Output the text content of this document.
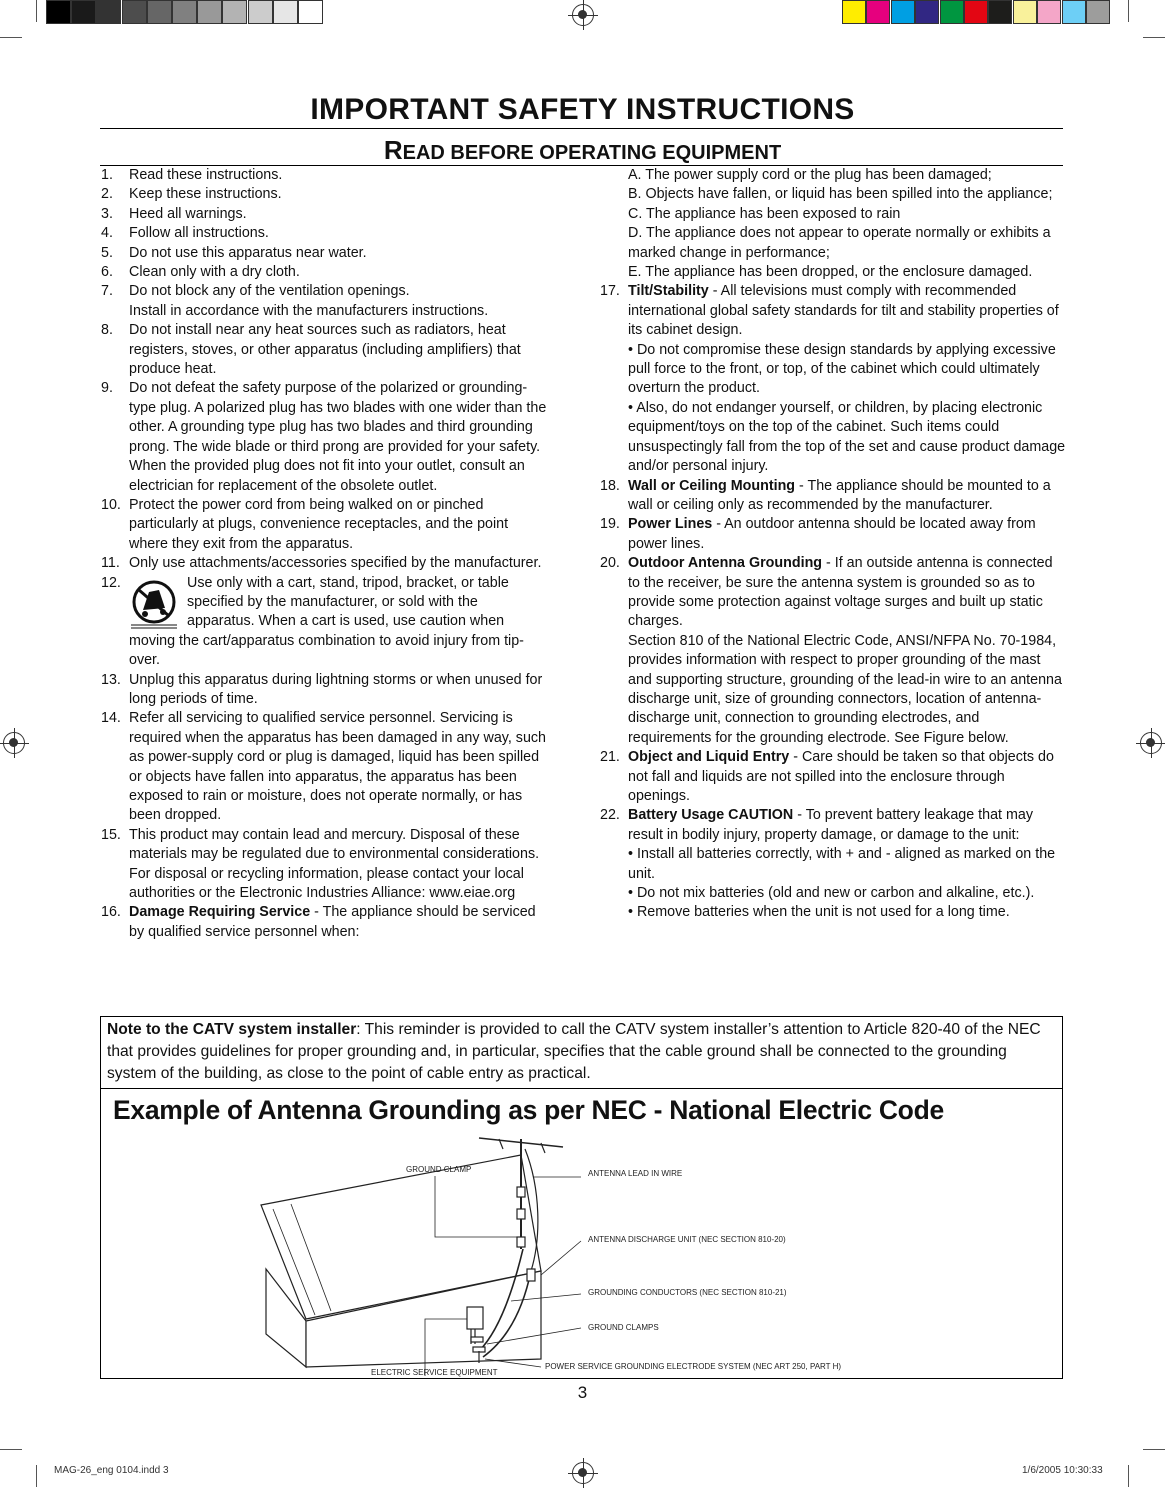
IMPORTANT SAFETY INSTRUCTIONS
READ BEFORE OPERATING EQUIPMENT
1. Read these instructions.
2. Keep these instructions.
3. Heed all warnings.
4. Follow all instructions.
5. Do not use this apparatus near water.
6. Clean only with a dry cloth.
7. Do not block any of the ventilation openings.

Install in accordance with the manufacturers instructions.

8. Do not install near any heat sources such as radiators, heat registers, stoves, or other apparatus (including amplifiers) that produce heat.
9. Do not defeat the safety purpose of the polarized or grounding-type plug. A polarized plug has two blades with one wider than the other. A grounding type plug has two blades and third grounding prong. The wide blade or third prong are provided for your safety. When the provided plug does not fit into your outlet, consult an electrician for replacement of the obsolete outlet.
10. Protect the power cord from being walked on or pinched particularly at plugs, convenience receptacles, and the point where they exit from the apparatus.
11. Only use attachments/accessories specified by the manufacturer.
12.	Use only with a cart, stand, tripod, bracket, or table specified by the manufacturer, or sold with the apparatus. When a cart is used, use caution when moving the cart/apparatus combination to avoid injury from tip-over.
13. Unplug this apparatus during lightning storms or when unused for long periods of time.
14. Refer all servicing to qualified service personnel. Servicing is required when the apparatus has been damaged in any way, such as power-supply cord or plug is damaged, liquid has been spilled or objects have fallen into apparatus, the apparatus has been exposed to rain or moisture, does not operate normally, or has been dropped.
15. This product may contain lead and mercury. Disposal of these materials may be regulated due to environmental considerations. For disposal or recycling information, please contact your local authorities or the Electronic Industries Alliance: www.eiae.org
16. Damage Requiring Service - The appliance should be serviced by qualified service personnel when:

A. The power supply cord or the plug has been damaged;

B. Objects have fallen, or liquid has been spilled into the appliance;

C. The appliance has been exposed to rain

D. The appliance does not appear to operate normally or exhibits a marked change in performance;

E. The appliance has been dropped, or the enclosure damaged.

17. Tilt/Stability - All televisions must comply with recommended international global safety standards for tilt and stability properties of its cabinet design.

• Do not compromise these design standards by applying excessive pull force to the front, or top, of the cabinet which could ultimately overturn the product.

• Also, do not endanger yourself, or children, by placing electronic equipment/toys on the top of the cabinet. Such items could unsuspectingly fall from the top of the set and cause product damage and/or personal injury.

18. Wall or Ceiling Mounting - The appliance should be mounted to a wall or ceiling only as recommended by the manufacturer.
19. Power Lines - An outdoor antenna should be located away from power lines.
20. Outdoor Antenna Grounding - If an outside antenna is connected to the receiver, be sure the antenna system is grounded so as to provide some protection against voltage surges and built up static charges.

Section 810 of the National Electric Code, ANSI/NFPA No. 70-1984, provides information with respect to proper grounding of the mast and supporting structure, grounding of the lead-in wire to an antenna discharge unit, size of grounding connectors, location of antenna-discharge unit, connection to grounding electrodes, and requirements for the grounding electrode. See Figure below.

21. Object and Liquid Entry - Care should be taken so that objects do not fall and liquids are not spilled into the enclosure through openings.
22. Battery Usage CAUTION - To prevent battery leakage that may result in bodily injury, property damage, or damage to the unit:

• Install all batteries correctly, with + and - aligned as marked on the unit.

• Do not mix batteries (old and new or carbon and alkaline, etc.).

• Remove batteries when the unit is not used for a long time.

Note to the CATV system installer: This reminder is provided to call the CATV system installer’s attention to Article 820-40 of the NEC that provides guidelines for proper grounding and, in particular, specifies that the cable ground shall be connected to the grounding system of the building, as close to the point of cable entry as practical.
Example of Antenna Grounding as per NEC - National Electric Code
GROUND CLAMP	ANTENNA LEAD IN WIRE
ANTENNA DISCHARGE UNIT (NEC SECTION 810-20)
GROUNDING CONDUCTORS (NEC SECTION 810-21)
GROUND CLAMPS
ELECTRIC SERVICE EQUIPMENT
POWER SERVICE GROUNDING ELECTRODE SYSTEM (NEC ART 250, PART H)
3
MAG-26_eng 0104.indd 3	1/6/2005 10:30:33
